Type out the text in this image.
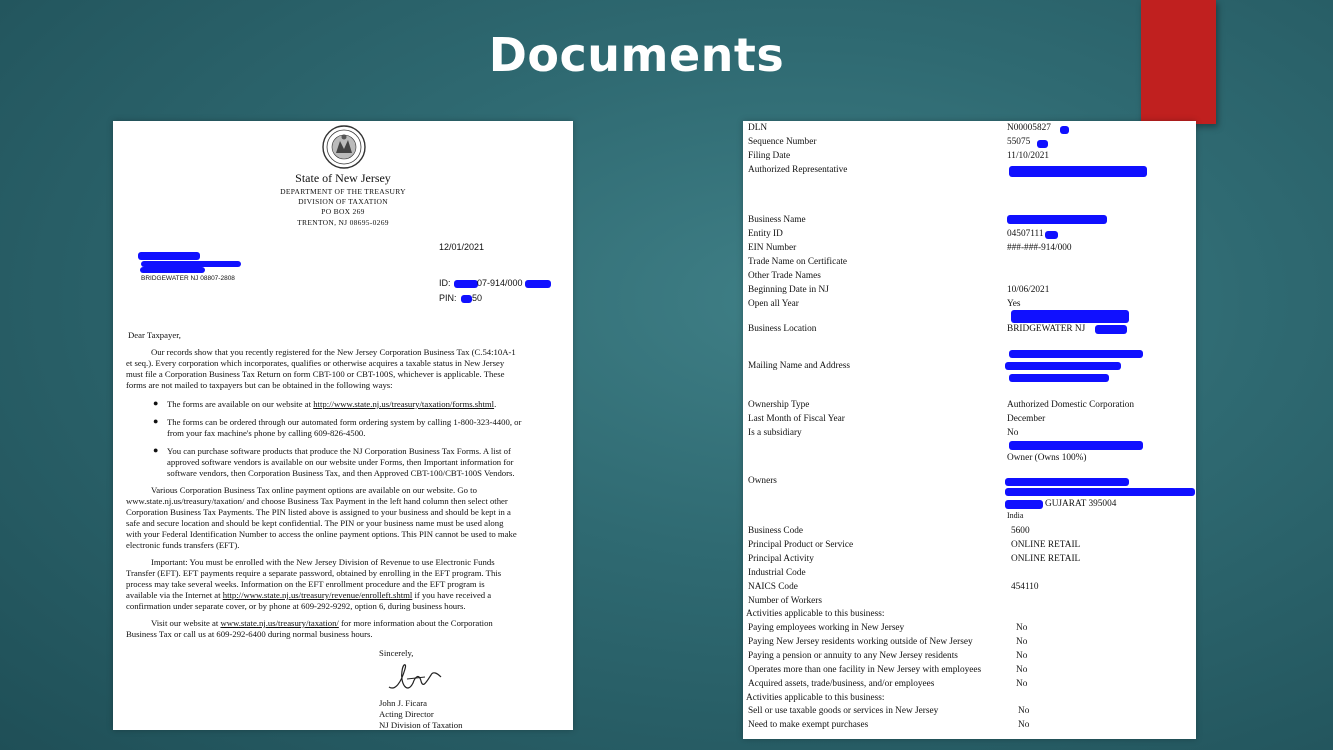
Documents
State of New Jersey
DEPARTMENT OF THE TREASURY
DIVISION OF TAXATION
PO BOX 269
TRENTON, NJ 08695-0269
12/01/2021
BRIDGEWATER NJ 08807-2808	ID:	07-914/000
PIN: 50
Dear Taxpayer,
Our records show that you recently registered for the New Jersey Corporation Business Tax (C.54:10A-1
et seq.). Every corporation which incorporates, qualifies or otherwise acquires a taxable status in New Jersey
must file a Corporation Business Tax Return on form CBT-100 or CBT-100S, whichever is applicable. These
forms are not mailed to taxpayers but can be obtained in the following ways:
● The forms are available on our website at http://www.state.nj.us/treasury/taxation/forms.shtml.
● The forms can be ordered through our automated form ordering system by calling 1-800-323-4400, or
from your fax machine's phone by calling 609-826-4500.
● You can purchase software products that produce the NJ Corporation Business Tax Forms. A list of
approved software vendors is available on our website under Forms, then Important information for
software vendors, then Corporation Business Tax, and then Approved CBT-100/CBT-100S Vendors.
Various Corporation Business Tax online payment options are available on our website. Go to
www.state.nj.us/treasury/taxation/ and choose Business Tax Payment in the left hand column then select other
Corporation Business Tax Payments. The PIN listed above is assigned to your business and should be kept in a
safe and secure location and should be kept confidential. The PIN or your business name must be used along
with your Federal Identification Number to access the online payment options. This PIN cannot be used to make
electronic funds transfers (EFT).
Important: You must be enrolled with the New Jersey Division of Revenue to use Electronic Funds
Transfer (EFT). EFT payments require a separate password, obtained by enrolling in the EFT program. This
process may take several weeks. Information on the EFT enrollment procedure and the EFT program is
available via the Internet at http://www.state.nj.us/treasury/revenue/enrolleft.shtml if you have received a
confirmation under separate cover, or by phone at 609-292-9292, option 6, during business hours.
Visit our website at www.state.nj.us/treasury/taxation/ for more information about the Corporation
Business Tax or call us at 609-292-6400 during normal business hours.
Sincerely,
John J. Ficara
Acting Director
NJ Division of Taxation
DLN	N00005827
Sequence Number	55075
Filing Date	11/10/2021
Authorized Representative
Business Name
Entity ID	04507111
EIN Number	###-###-914/000
Trade Name on Certificate
Other Trade Names
Beginning Date in NJ	10/06/2021
Open all Year	Yes
Business Location	BRIDGEWATER NJ
Mailing Name and Address
Ownership Type	Authorized Domestic Corporation
Last Month of Fiscal Year	December
Is a subsidiary	No
Owner (Owns 100%)
Owners
GUJARAT 395004
India
Business Code	5600
Principal Product or Service	ONLINE RETAIL
Principal Activity	ONLINE RETAIL
Industrial Code
NAICS Code	454110
Number of Workers
Activities applicable to this business:
Paying employees working in New Jersey	No
Paying New Jersey residents working outside of New Jersey	No
Paying a pension or annuity to any New Jersey residents	No
Operates more than one facility in New Jersey with employees	No
Acquired assets, trade/business, and/or employees	No
Activities applicable to this business:
Sell or use taxable goods or services in New Jersey	No
Need to make exempt purchases	No
